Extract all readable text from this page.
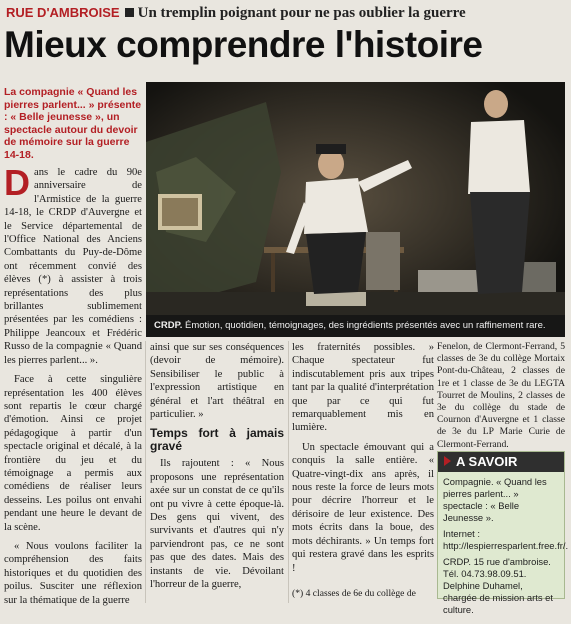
RUE D'AMBROISE Un tremplin poignant pour ne pas oublier la guerre
Mieux comprendre l'histoire
La compagnie « Quand les pierres parlent... » présente : « Belle jeunesse », un spectacle autour du devoir de mémoire sur la guerre 14-18.
CRDP. Émotion, quotidien, témoignages, des ingrédients présentés avec un raffinement rare.

Dans le cadre du 90e anniversaire de l'Armistice de la guerre 14-18, le CRDP d'Auvergne et le Service départemental de l'Office National des Anciens Combattants du Puy-de-Dôme ont récemment convié des élèves (*) à assister à trois représentations des plus brillantes sublimement présentées par les comédiens : Philippe Jeancoux et Frédéric Russo de la compagnie « Quand les pierres parlent... ».

Face à cette singulière représentation les 400 élèves sont repartis le cœur chargé d'émotion. Ainsi ce projet pédagogique à partir d'un spectacle original et décalé, à la frontière du jeu et du témoignage a permis aux comédiens de réaliser leurs desseins. Les poilus ont envahi pendant une heure le devant de la scène.

« Nous voulons faciliter la compréhension des faits historiques et du quotidien des poilus. Susciter une réflexion sur la thématique de la guerre

ainsi que sur ses conséquences (devoir de mémoire). Sensibiliser le public à l'expression artistique en général et l'art théâtral en particulier. »

Temps fort à jamais gravé

Ils rajoutent : « Nous proposons une représentation axée sur un constat de ce qu'ils ont pu vivre à cette époque-là. Des gens qui vivent, des survivants et d'autres qui n'y parviendront pas, ce ne sont pas que des dates. Mais des instants de vie. Dévoilant l'horreur de la guerre,

les fraternités possibles. » Chaque spectateur fut indiscutablement pris aux tripes tant par la qualité d'interprétation que par ce qui fut remarquablement mis en lumière.

Un spectacle émouvant qui a conquis la salle entière. « Quatre-vingt-dix ans après, il nous reste la force de leurs mots pour décrire l'horreur et le dérisoire de leur existence. Des mots écrits dans la boue, des mots déchirants. » Un temps fort qui restera gravé dans les esprits !

(*) 4 classes de 6e du collège de
Fenelon, de Clermont-Ferrand, 5 classes de 3e du collège Mortaix Pont-du-Château, 2 classes de 1re et 1 classe de 3e du LEGTA Tourret de Moulins, 2 classes de 3e du collège du stade de Cournon d'Auvergne et 1 classe de 3e du LP Marie Curie de Clermont-Ferrand.
A SAVOIR

Compagnie. « Quand les pierres parlent... » spectacle : « Belle Jeunesse ».

Internet : http://lespierresparlent.free.fr/.

CRDP. 15 rue d'ambroise. Tél. 04.73.98.09.51. Delphine Duhamel, chargée de mission arts et culture.
